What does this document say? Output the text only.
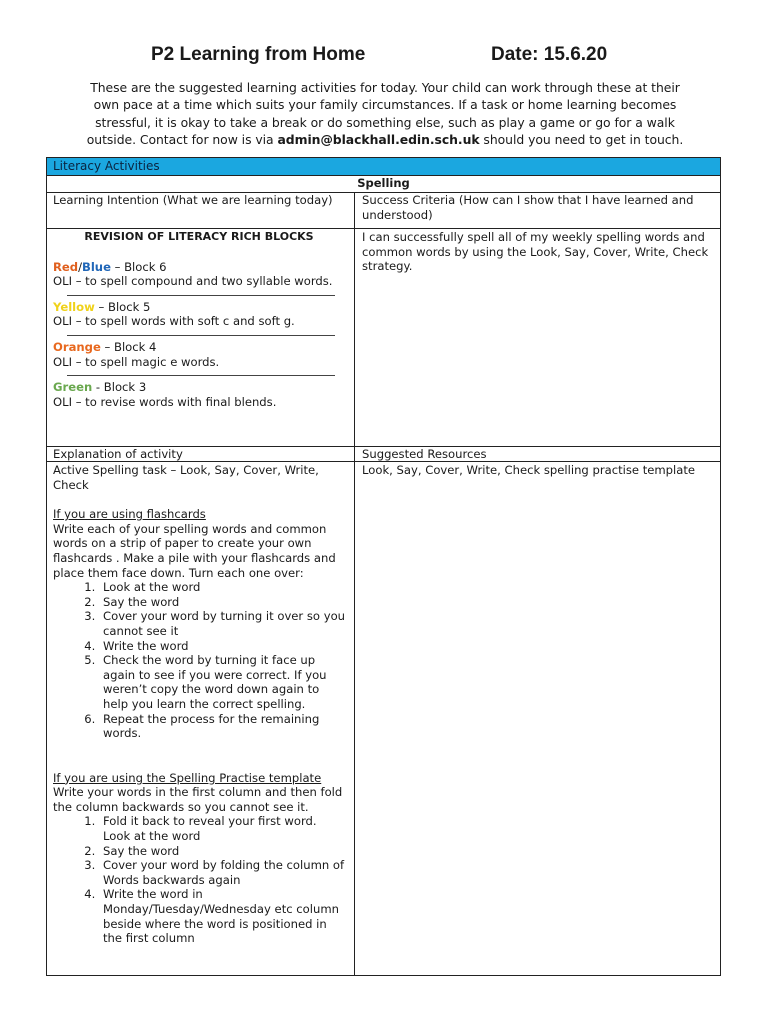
P2 Learning from Home	Date: 15.6.20
These are the suggested learning activities for today. Your child can work through these at their
own pace at a time which suits your family circumstances. If a task or home learning becomes
stressful, it is okay to take a break or do something else, such as play a game or go for a walk
outside. Contact for now is via admin@blackhall.edin.sch.uk should you need to get in touch.
Literacy Activities
Spelling
Learning Intention (What we are learning today)	Success Criteria (How can I show that I have learned and understood)
REVISION OF LITERACY RICH BLOCKS
Red/Blue – Block 6
OLI – to spell compound and two syllable words.
Yellow – Block 5
OLI – to spell words with soft c and soft g.
Orange – Block 4
OLI – to spell magic e words.
Green - Block 3
OLI – to revise words with final blends.
I can successfully spell all of my weekly spelling words and common words by using the Look, Say, Cover, Write, Check strategy.
Explanation of activity	Suggested Resources
Active Spelling task – Look, Say, Cover, Write, Check
If you are using flashcards
Write each of your spelling words and common words on a strip of paper to create your own flashcards . Make a pile with your flashcards and place them face down. Turn each one over:
1. Look at the word
2. Say the word
3. Cover your word by turning it over so you cannot see it
4. Write the word
5. Check the word by turning it face up again to see if you were correct. If you weren’t copy the word down again to help you learn the correct spelling.
6. Repeat the process for the remaining words.
If you are using the Spelling Practise template
Write your words in the first column and then fold the column backwards so you cannot see it.
1. Fold it back to reveal your first word. Look at the word
2. Say the word
3. Cover your word by folding the column of Words backwards again
4. Write the word in Monday/Tuesday/Wednesday etc column beside where the word is positioned in the first column
Look, Say, Cover, Write, Check spelling practise template
